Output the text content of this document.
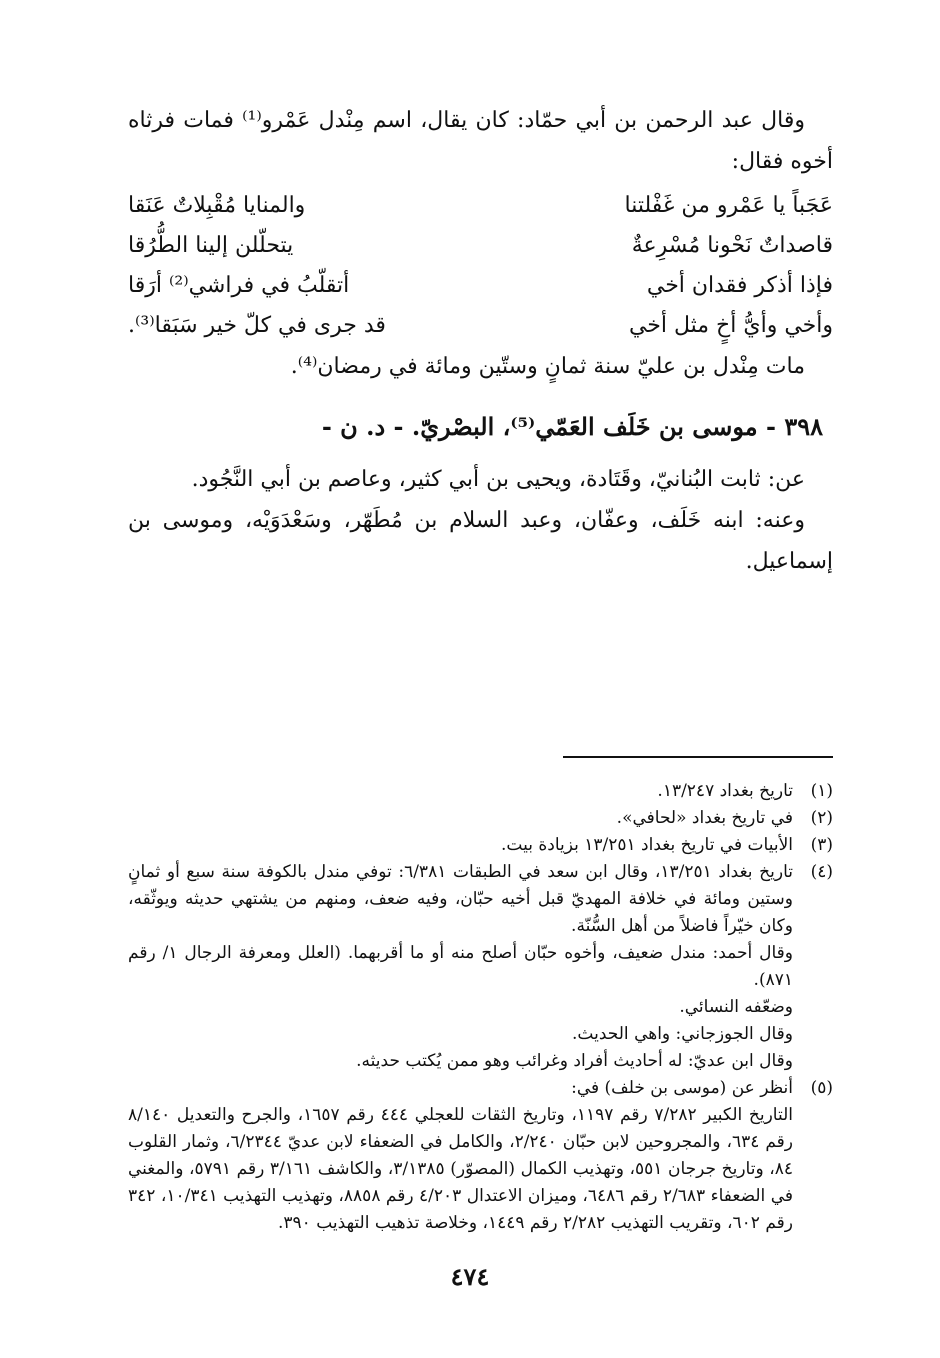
وقال عبد الرحمن بن أبي حمّاد: كان يقال، اسم مِنْدل عَمْرو⁽¹⁾ فمات فرثاه أخوه فقال:

عَجَباً يا عَمْرو من غَفْلتنا
والمنايا مُقْبِلاتٌ عَنَقا
قاصداتٌ نَحْونا مُسْرِعةٌ
يتحلّلن إلينا الطُّرُقا
فإذا أذكر فقدان أخي
أتقلّبُ في فراشي⁽²⁾ أرَقا
وأخي وأيُّ أخٍ مثل أخي
قد جرى في كلّ خير سَبَقا⁽³⁾.

مات مِنْدل بن عليّ سنة ثمانٍ وستّين ومائة في رمضان⁽⁴⁾.

٣٩٨ - موسى بن خَلَف العَمّي⁽⁵⁾، البصْريّ. - د. ن -

عن: ثابت البُنانيّ، وقَتَادة، ويحيى بن أبي كثير، وعاصم بن أبي النَّجُود.

وعنه: ابنه خَلَف، وعفّان، وعبد السلام بن مُطَهّر، وسَعْدَوَيْه، وموسى بن إسماعيل.

(١)
تاريخ بغداد ١٣/٢٤٧.
(٢)
في تاريخ بغداد «لحافي».
(٣)
الأبيات في تاريخ بغداد ١٣/٢٥١ بزيادة بيت.
(٤)
تاريخ بغداد ١٣/٢٥١، وقال ابن سعد في الطبقات ٦/٣٨١: توفي مندل بالكوفة سنة سبع أو ثمانٍ وستين ومائة في خلافة المهديّ قبل أخيه حبّان، وفيه ضعف، ومنهم من يشتهي حديثه ويوثّقه، وكان خيّراً فاضلاً من أهل السُّنّة.
وقال أحمد: مندل ضعيف، وأخوه حبّان أصلح منه أو ما أقربهما. (العلل ومعرفة الرجال ١/ رقم ٨٧١).
وضعّفه النسائي.
وقال الجوزجاني: واهي الحديث.
وقال ابن عديّ: له أحاديث أفراد وغرائب وهو ممن يُكتب حديثه.
(٥)
أنظر عن (موسى بن خلف) في:
التاريخ الكبير ٧/٢٨٢ رقم ١١٩٧، وتاريخ الثقات للعجلي ٤٤٤ رقم ١٦٥٧، والجرح والتعديل ٨/١٤٠ رقم ٦٣٤، والمجروحين لابن حبّان ٢/٢٤٠، والكامل في الضعفاء لابن عديّ ٦/٢٣٤٤، وثمار القلوب ٨٤، وتاريخ جرجان ٥٥١، وتهذيب الكمال (المصوّر) ٣/١٣٨٥، والكاشف ٣/١٦١ رقم ٥٧٩١، والمغني في الضعفاء ٢/٦٨٣ رقم ٦٤٨٦، وميزان الاعتدال ٤/٢٠٣ رقم ٨٨٥٨، وتهذيب التهذيب ١٠/٣٤١، ٣٤٢ رقم ٦٠٢، وتقريب التهذيب ٢/٢٨٢ رقم ١٤٤٩، وخلاصة تذهيب التهذيب ٣٩٠.
٤٧٤
